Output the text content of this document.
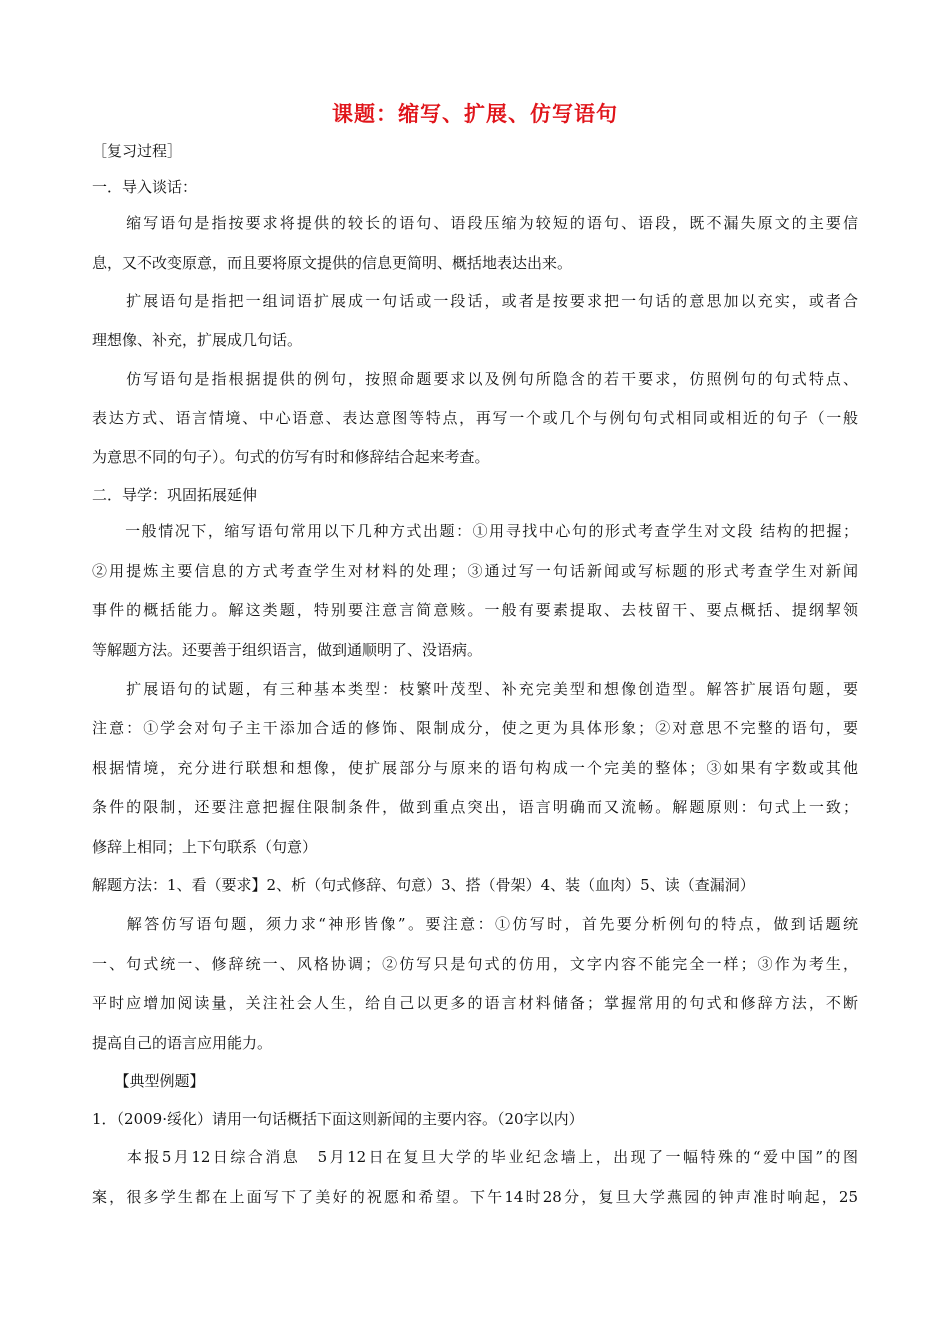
课题：缩写、扩展、仿写语句
［复习过程］
一．导入谈话：
　　缩写语句是指按要求将提供的较长的语句、语段压缩为较短的语句、语段，既不漏失原文的主要信
息，又不改变原意，而且要将原文提供的信息更简明、概括地表达出来。
　　扩展语句是指把一组词语扩展成一句话或一段话，或者是按要求把一句话的意思加以充实，或者合
理想像、补充，扩展成几句话。
　　仿写语句是指根据提供的例句，按照命题要求以及例句所隐含的若干要求，仿照例句的句式特点、
表达方式、语言情境、中心语意、表达意图等特点，再写一个或几个与例句句式相同或相近的句子（一般
为意思不同的句子）。句式的仿写有时和修辞结合起来考查。
二．导学：巩固拓展延伸
　　一般情况下，缩写语句常用以下几种方式出题：①用寻找中心句的形式考查学生对文段 结构的把握；
②用提炼主要信息的方式考查学生对材料的处理；③通过写一句话新闻或写标题的形式考查学生对新闻
事件的概括能力。解这类题，特别要注意言简意赅。一般有要素提取、去枝留干、要点概括、提纲挈领
等解题方法。还要善于组织语言，做到通顺明了、没语病。
　　扩展语句的试题，有三种基本类型：枝繁叶茂型、补充完美型和想像创造型。解答扩展语句题，要
注意：①学会对句子主干添加合适的修饰、限制成分，使之更为具体形象；②对意思不完整的语句，要
根据情境，充分进行联想和想像，使扩展部分与原来的语句构成一个完美的整体；③如果有字数或其他
条件的限制，还要注意把握住限制条件，做到重点突出，语言明确而又流畅。解题原则：句式上一致；
修辞上相同；上下句联系（句意）
解题方法：1、看（要求】2、析（句式修辞、句意）3、搭（骨架）4、装（血肉）5、读（查漏洞）
　　解答仿写语句题，须力求“神形皆像”。要注意：①仿写时，首先要分析例句的特点，做到话题统
一、句式统一、修辞统一、风格协调；②仿写只是句式的仿用，文字内容不能完全一样；③作为考生，
平时应增加阅读量，关注社会人生，给自己以更多的语言材料储备；掌握常用的句式和修辞方法，不断
提高自己的语言应用能力。
　　【典型例题】
1．（2009·绥化）请用一句话概括下面这则新闻的主要内容。（20字以内）
　　本报5月12日综合消息　5月12日在复旦大学的毕业纪念墙上，出现了一幅特殊的“爱中国”的图
案，很多学生都在上面写下了美好的祝愿和希望。下午14时28分，复旦大学燕园的钟声准时响起，25
